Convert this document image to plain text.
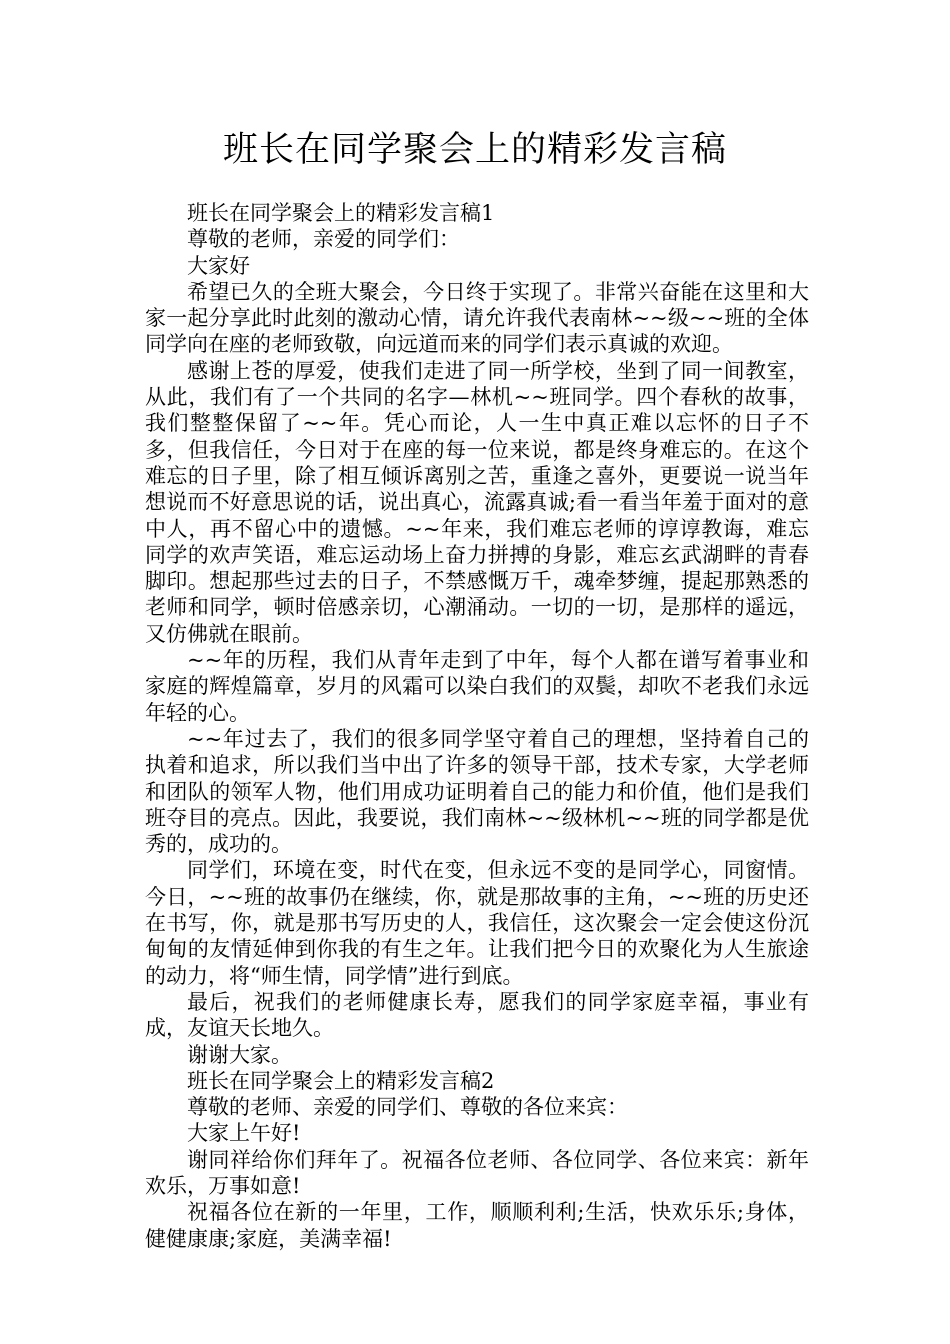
班长在同学聚会上的精彩发言稿

班长在同学聚会上的精彩发言稿1

尊敬的老师，亲爱的同学们：

大家好

希望已久的全班大聚会，今日终于实现了。非常兴奋能在这里和大家一起分享此时此刻的激动心情，请允许我代表南林~~级~~班的全体同学向在座的老师致敬，向远道而来的同学们表示真诚的欢迎。

感谢上苍的厚爱，使我们走进了同一所学校，坐到了同一间教室，从此，我们有了一个共同的名字—林机~~班同学。四个春秋的故事，我们整整保留了~~年。凭心而论，人一生中真正难以忘怀的日子不多，但我信任，今日对于在座的每一位来说，都是终身难忘的。在这个难忘的日子里，除了相互倾诉离别之苦，重逢之喜外，更要说一说当年想说而不好意思说的话，说出真心，流露真诚;看一看当年羞于面对的意中人，再不留心中的遗憾。~~年来，我们难忘老师的谆谆教诲，难忘同学的欢声笑语，难忘运动场上奋力拼搏的身影，难忘玄武湖畔的青春脚印。想起那些过去的日子，不禁感慨万千，魂牵梦缠，提起那熟悉的老师和同学，顿时倍感亲切，心潮涌动。一切的一切，是那样的遥远，又仿佛就在眼前。

~~年的历程，我们从青年走到了中年，每个人都在谱写着事业和家庭的辉煌篇章，岁月的风霜可以染白我们的双鬓，却吹不老我们永远年轻的心。

~~年过去了，我们的很多同学坚守着自己的理想，坚持着自己的执着和追求，所以我们当中出了许多的领导干部，技术专家，大学老师和团队的领军人物，他们用成功证明着自己的能力和价值，他们是我们班夺目的亮点。因此，我要说，我们南林~~级林机~~班的同学都是优秀的，成功的。

同学们，环境在变，时代在变，但永远不变的是同学心，同窗情。今日，~~班的故事仍在继续，你，就是那故事的主角，~~班的历史还在书写，你，就是那书写历史的人，我信任，这次聚会一定会使这份沉甸甸的友情延伸到你我的有生之年。让我们把今日的欢聚化为人生旅途的动力，将“师生情，同学情”进行到底。

最后，祝我们的老师健康长寿，愿我们的同学家庭幸福，事业有成，友谊天长地久。

谢谢大家。

班长在同学聚会上的精彩发言稿2

尊敬的老师、亲爱的同学们、尊敬的各位来宾：

大家上午好!

谢同祥给你们拜年了。祝福各位老师、各位同学、各位来宾：新年欢乐，万事如意!

祝福各位在新的一年里，工作，顺顺利利;生活，快欢乐乐;身体，健健康康;家庭，美满幸福!
